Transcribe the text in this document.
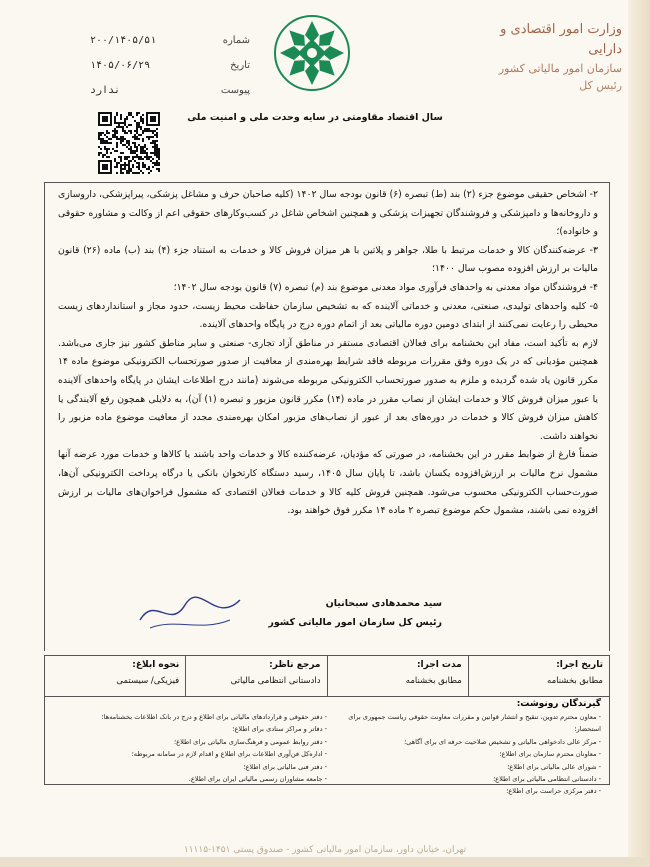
وزارت امور اقتصادی و دارایی
سازمان امور مالیاتی کشور
رئیس کل
شماره
۲۰۰/۱۴۰۵/۵۱
تاریخ
۱۴۰۵/۰۶/۲۹
پیوست
ندارد
سال اقتصاد مقاومتی در سایه وحدت ملی و امنیت ملی

۲- اشخاص حقیقی موضوع جزء (۲) بند (ط) تبصره (۶) قانون بودجه سال ۱۴۰۲ (کلیه صاحبان حرف و مشاغل پزشکی، پیراپزشکی، داروسازی و داروخانه‌ها و دامپزشکی و فروشندگان تجهیزات پزشکی و همچنین اشخاص شاغل در کسب‌وکارهای حقوقی اعم از وکالت و مشاوره حقوقی و خانواده)؛

۳- عرضه‌کنندگان کالا و خدمات مرتبط با طلا، جواهر و پلاتین با هر میزان فروش کالا و خدمات به استناد جزء (۴) بند (ب) ماده (۲۶) قانون مالیات بر ارزش افزوده مصوب سال ۱۴۰۰؛

۴- فروشندگان مواد معدنی به واحدهای فرآوری مواد معدنی موضوع بند (م) تبصره (۷) قانون بودجه سال ۱۴۰۲؛

۵- کلیه واحدهای تولیدی، صنعتی، معدنی و خدماتی آلاینده که به تشخیص سازمان حفاظت محیط زیست، حدود مجاز و استانداردهای زیست محیطی را رعایت نمی‌کنند از ابتدای دومین دوره مالیاتی بعد از اتمام دوره درج در پایگاه واحدهای آلاینده.

لازم به تأکید است، مفاد این بخشنامه برای فعالان اقتصادی مستقر در مناطق آزاد تجاری- صنعتی و سایر مناطق کشور نیز جاری می‌باشد. همچنین مؤدیانی که در یک دوره وفق مقررات مربوطه فاقد شرایط بهره‌مندی از معافیت از صدور صورتحساب الکترونیکی موضوع ماده ۱۴ مکرر قانون یاد شده گردیده و ملزم به صدور صورتحساب الکترونیکی مربوطه می‌شوند (مانند درج اطلاعات ایشان در پایگاه واحدهای آلاینده یا عبور میزان فروش کالا و خدمات ایشان از نصاب مقرر در ماده (۱۴) مکرر قانون مزبور و تبصره (۱) آن)، به دلایلی همچون رفع آلایندگی یا کاهش میزان فروش کالا و خدمات در دوره‌های بعد از عبور از نصاب‌های مزبور امکان بهره‌مندی مجدد از معافیت موضوع ماده مزبور را نخواهند داشت.

ضمناً فارغ از ضوابط مقرر در این بخشنامه، در صورتی که مؤدیان، عرضه‌کننده کالا و خدمات واحد باشند یا کالاها و خدمات مورد عرضه آنها مشمول نرخ مالیات بر ارزش‌افزوده یکسان باشد، تا پایان سال ۱۴۰۵، رسید دستگاه کارتخوان بانکی یا درگاه پرداخت الکترونیکی آن‌ها، صورت‌حساب الکترونیکی محسوب می‌شود. همچنین فروش کلیه کالا و خدمات فعالان اقتصادی که مشمول فراخوان‌های مالیات بر ارزش افزوده نمی باشند، مشمول حکم موضوع تبصره ۲ ماده ۱۴ مکرر فوق خواهند بود.

سید محمدهادی سبحانیان
رئیس کل سازمان امور مالیاتی کشور
تاریخ اجرا:
مطابق بخشنامه
مدت اجرا:
مطابق بخشنامه
مرجع ناظر:
دادستانی انتظامی مالیاتی
نحوه ابلاغ:
فیزیکی/ سیستمی
گیرندگان رونوشت:
- معاون محترم تدوین، تنقیح و انتشار قوانین و مقررات معاونت حقوقی ریاست جمهوری برای استحضار؛
- مرکز عالی دادخواهی مالیاتی و تشخیص صلاحیت حرفه ای برای آگاهی؛
- معاونان محترم سازمان برای اطلاع؛
- شورای عالی مالیاتی برای اطلاع؛
- دادستانی انتظامی مالیاتی برای اطلاع؛
- دفتر مرکزی حراست برای اطلاع؛
- دفتر حقوقی و قراردادهای مالیاتی برای اطلاع و درج در بانک اطلاعات بخشنامه‌ها؛
- دفاتر و مراکز ستادی برای اطلاع؛
- دفتر روابط عمومی و فرهنگ‌سازی مالیاتی برای اطلاع؛
- اداره‌کل فن‌آوری اطلاعات برای اطلاع و اقدام لازم در سامانه مربوطه؛
- دفتر فنی مالیاتی برای اطلاع؛
- جامعه مشاوران رسمی مالیاتی ایران برای اطلاع.
تهران، خیابان داور، سازمان امور مالیاتی کشور - صندوق پستی ۱۴۵۱-۱۱۱۱۵
